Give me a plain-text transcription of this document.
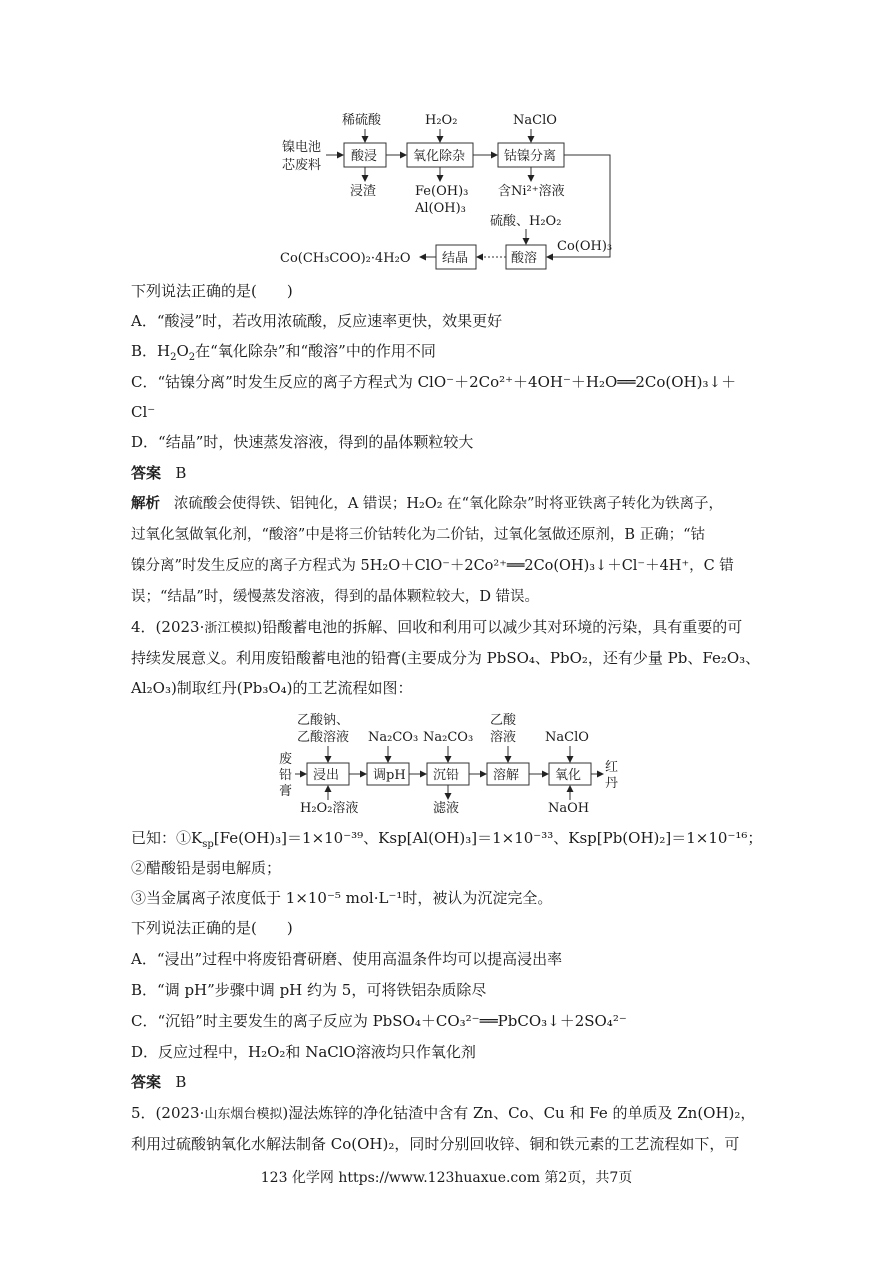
镍电池
芯废料
稀硫酸	H₂O₂	NaClO
酸浸	氧化除杂	钴镍分离
浸渣	Fe(OH)₃
Al(OH)₃
含Ni²⁺溶液
硫酸、H₂O₂
Co(OH)₃
酸溶
结晶
Co(CH₃COO)₂·4H₂O
下列说法正确的是(　　)
A．“酸浸”时，若改用浓硫酸，反应速率更快，效果更好
B．$H_2O_2$在“氧化除杂”和“酸溶”中的作用不同
C．“钴镍分离”时发生反应的离子方程式为 ClO⁻＋2Co²⁺＋4OH⁻＋H₂O══2Co(OH)₃↓＋
Cl⁻
D．“结晶”时，快速蒸发溶液，得到的晶体颗粒较大
答案 B
解析 浓硫酸会使得铁、铝钝化，A 错误；H₂O₂ 在“氧化除杂”时将亚铁离子转化为铁离子，
过氧化氢做氧化剂，“酸溶”中是将三价钴转化为二价钴，过氧化氢做还原剂，B 正确；“钴
镍分离”时发生反应的离子方程式为 5H₂O＋ClO⁻＋2Co²⁺══2Co(OH)₃↓＋Cl⁻＋4H⁺，C 错
误；“结晶”时，缓慢蒸发溶液，得到的晶体颗粒较大，D 错误。
4．(2023·浙江模拟)铅酸蓄电池的拆解、回收和利用可以减少其对环境的污染，具有重要的可
持续发展意义。利用废铅酸蓄电池的铅膏(主要成分为 PbSO₄、PbO₂，还有少量 Pb、Fe₂O₃、
Al₂O₃)制取红丹(Pb₃O₄)的工艺流程如图：
废
铅
膏
乙酸钠、
乙酸溶液 Na₂CO₃ Na₂CO₃
乙酸
溶液 NaClO
浸出	调pH 沉铅	溶解	氧化
H₂O₂溶液	滤液	NaOH
红
丹
已知：$①K_{sp}[Fe(OH)_3]=1\times 10^{-39}$、Ksp[Al(OH)₃]＝1×10⁻³³、Ksp[Pb(OH)₂]＝1×10⁻¹⁶；
②醋酸铅是弱电解质；
③当金属离子浓度低于 1×10⁻⁵ mol·L⁻¹时，被认为沉淀完全。
下列说法正确的是(　　)
A．“浸出”过程中将废铅膏研磨、使用高温条件均可以提高浸出率
B．“调 pH”步骤中调 pH 约为 5，可将铁铝杂质除尽
C．“沉铅”时主要发生的离子反应为 PbSO₄＋CO₃²⁻══PbCO₃↓＋2SO₄²⁻
D．反应过程中，H₂O₂和 NaClO溶液均只作氧化剂
答案 B
5．(2023·山东烟台模拟)湿法炼锌的净化钴渣中含有 Zn、Co、Cu 和 Fe 的单质及 Zn(OH)₂，
利用过硫酸钠氧化水解法制备 Co(OH)₂，同时分别回收锌、铜和铁元素的工艺流程如下，可
123 化学网 https://www.123huaxue.com 第2页，共7页
